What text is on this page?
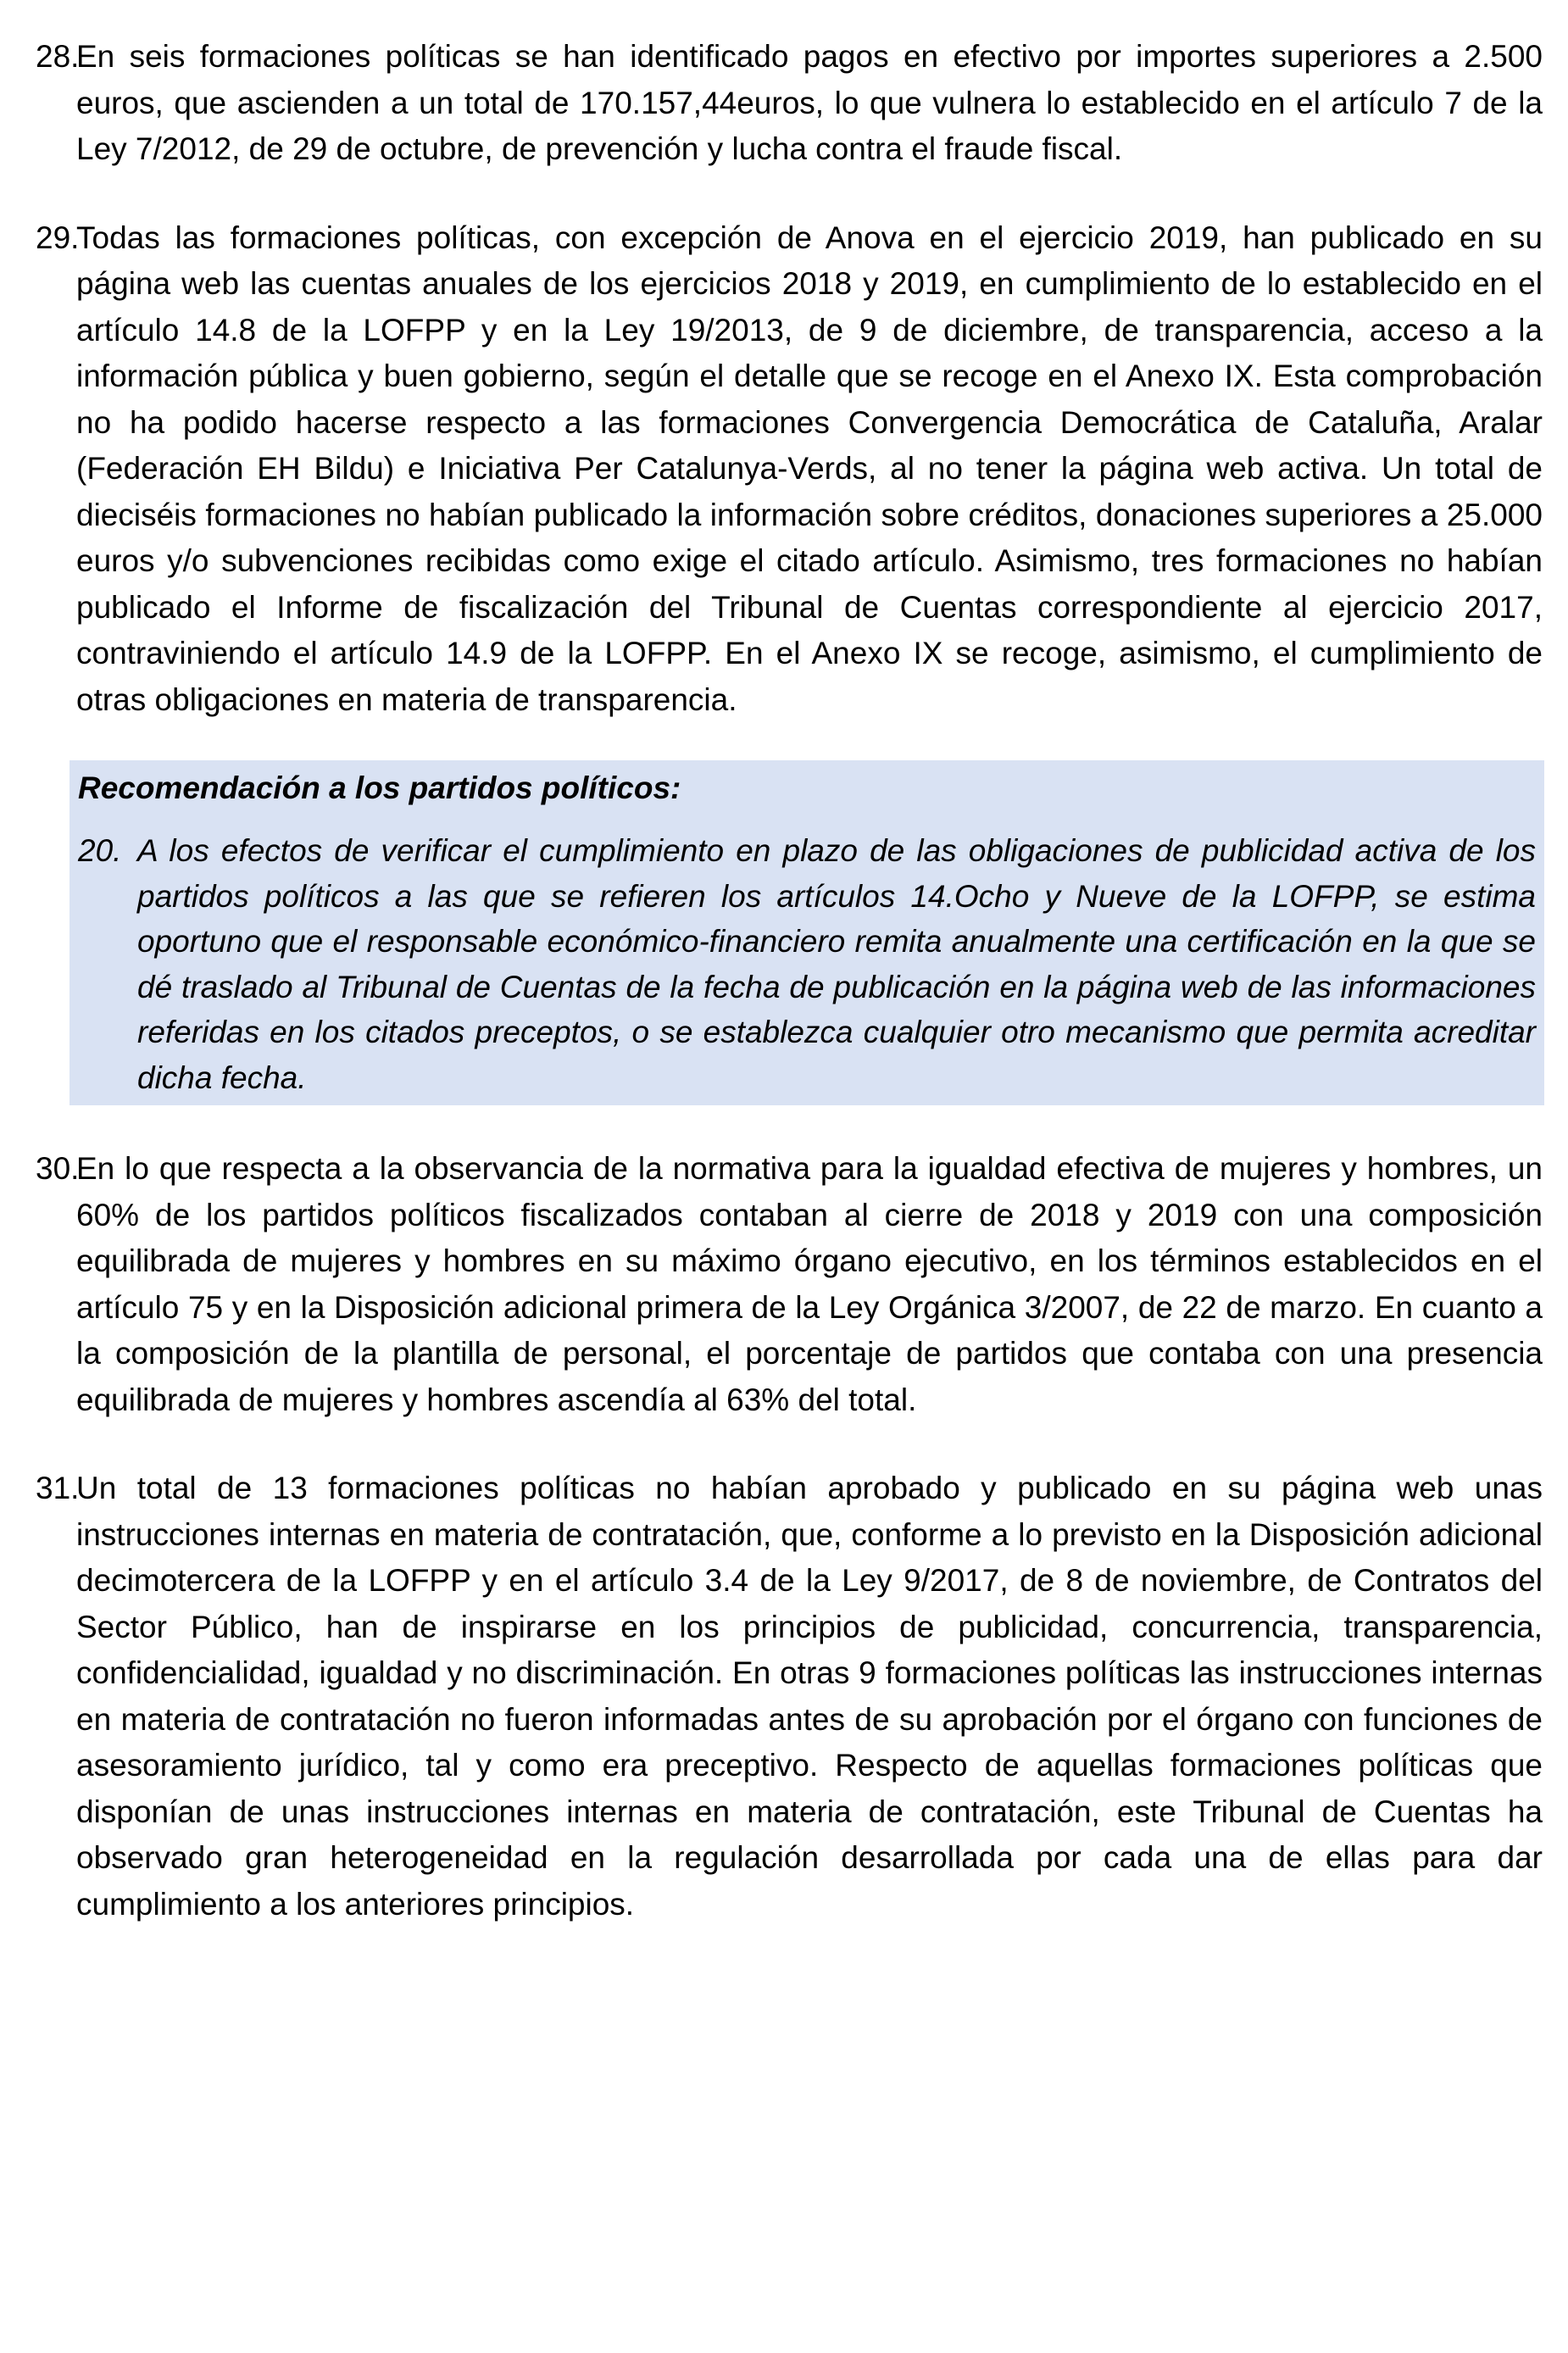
28.
En seis formaciones políticas se han identificado pagos en efectivo por importes superiores a 2.500 euros, que ascienden a un total de 170.157,44euros, lo que vulnera lo establecido en el artículo 7 de la Ley 7/2012, de 29 de octubre, de prevención y lucha contra el fraude fiscal.
29.
Todas las formaciones políticas, con excepción de Anova en el ejercicio 2019, han publicado en su página web las cuentas anuales de los ejercicios 2018 y 2019, en cumplimiento de lo establecido en el artículo 14.8 de la LOFPP y en la Ley 19/2013, de 9 de diciembre, de transparencia, acceso a la información pública y buen gobierno, según el detalle que se recoge en el Anexo IX. Esta comprobación no ha podido hacerse respecto a las formaciones Convergencia Democrática de Cataluña, Aralar (Federación EH Bildu) e Iniciativa Per Catalunya-Verds, al no tener la página web activa. Un total de dieciséis formaciones no habían publicado la información sobre créditos, donaciones superiores a 25.000 euros y/o subvenciones recibidas como exige el citado artículo. Asimismo, tres formaciones no habían publicado el Informe de fiscalización del Tribunal de Cuentas correspondiente al ejercicio 2017, contraviniendo el artículo 14.9 de la LOFPP. En el Anexo IX se recoge, asimismo, el cumplimiento de otras obligaciones en materia de transparencia.
Recomendación a los partidos políticos:
20. A los efectos de verificar el cumplimiento en plazo de las obligaciones de publicidad activa de los partidos políticos a las que se refieren los artículos 14.Ocho y Nueve de la LOFPP, se estima oportuno que el responsable económico-financiero remita anualmente una certificación en la que se dé traslado al Tribunal de Cuentas de la fecha de publicación en la página web de las informaciones referidas en los citados preceptos, o se establezca cualquier otro mecanismo que permita acreditar dicha fecha.
30.
En lo que respecta a la observancia de la normativa para la igualdad efectiva de mujeres y hombres, un 60% de los partidos políticos fiscalizados contaban al cierre de 2018 y 2019 con una composición equilibrada de mujeres y hombres en su máximo órgano ejecutivo, en los términos establecidos en el artículo 75 y en la Disposición adicional primera de la Ley Orgánica 3/2007, de 22 de marzo. En cuanto a la composición de la plantilla de personal, el porcentaje de partidos que contaba con una presencia equilibrada de mujeres y hombres ascendía al 63% del total.
31.
Un total de 13 formaciones políticas no habían aprobado y publicado en su página web unas instrucciones internas en materia de contratación, que, conforme a lo previsto en la Disposición adicional decimotercera de la LOFPP y en el artículo 3.4 de la Ley 9/2017, de 8 de noviembre, de Contratos del Sector Público, han de inspirarse en los principios de publicidad, concurrencia, transparencia, confidencialidad, igualdad y no discriminación. En otras 9 formaciones políticas las instrucciones internas en materia de contratación no fueron informadas antes de su aprobación por el órgano con funciones de asesoramiento jurídico, tal y como era preceptivo. Respecto de aquellas formaciones políticas que disponían de unas instrucciones internas en materia de contratación, este Tribunal de Cuentas ha observado gran heterogeneidad en la regulación desarrollada por cada una de ellas para dar cumplimiento a los anteriores principios.
